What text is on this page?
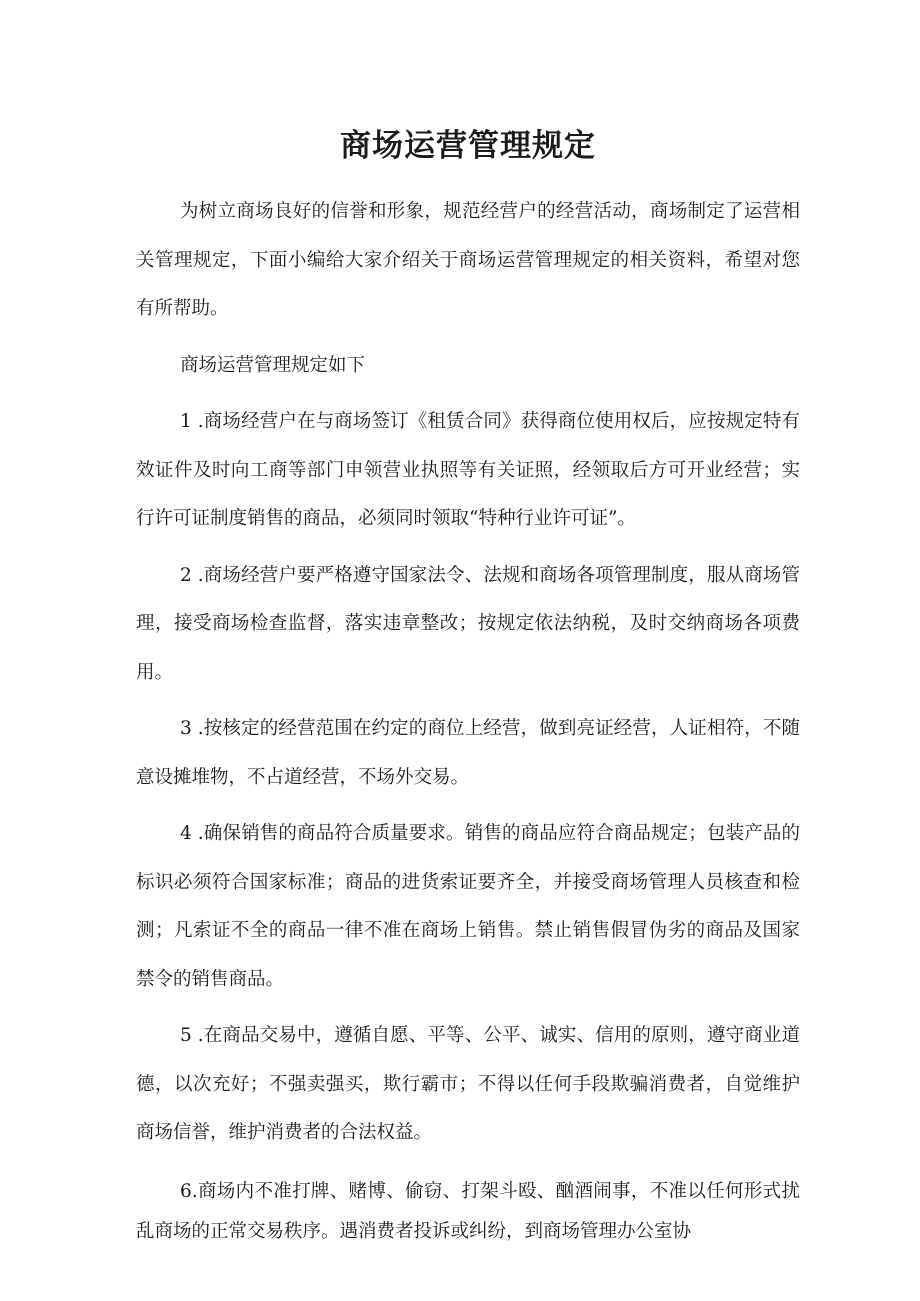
商场运营管理规定

为树立商场良好的信誉和形象，规范经营户的经营活动，商场制定了运营相关管理规定，下面小编给大家介绍关于商场运营管理规定的相关资料，希望对您有所帮助。

商场运营管理规定如下

1 .商场经营户在与商场签订《租赁合同》获得商位使用权后，应按规定特有效证件及时向工商等部门申领营业执照等有关证照，经领取后方可开业经营；实行许可证制度销售的商品，必须同时领取“特种行业许可证”。

2 .商场经营户要严格遵守国家法令、法规和商场各项管理制度，服从商场管理，接受商场检查监督，落实违章整改；按规定依法纳税，及时交纳商场各项费用。

3 .按核定的经营范围在约定的商位上经营，做到亮证经营，人证相符，不随意设摊堆物，不占道经营，不场外交易。

4 .确保销售的商品符合质量要求。销售的商品应符合商品规定；包装产品的标识必须符合国家标准；商品的进货索证要齐全，并接受商场管理人员核查和检测；凡索证不全的商品一律不准在商场上销售。禁止销售假冒伪劣的商品及国家禁令的销售商品。

5 .在商品交易中，遵循自愿、平等、公平、诚实、信用的原则，遵守商业道德，以次充好；不强卖强买，欺行霸市；不得以任何手段欺骗消费者，自觉维护商场信誉，维护消费者的合法权益。

6.商场内不准打牌、赌博、偷窃、打架斗殴、酗酒闹事，不准以任何形式扰乱商场的正常交易秩序。遇消费者投诉或纠纷，到商场管理办公室协
